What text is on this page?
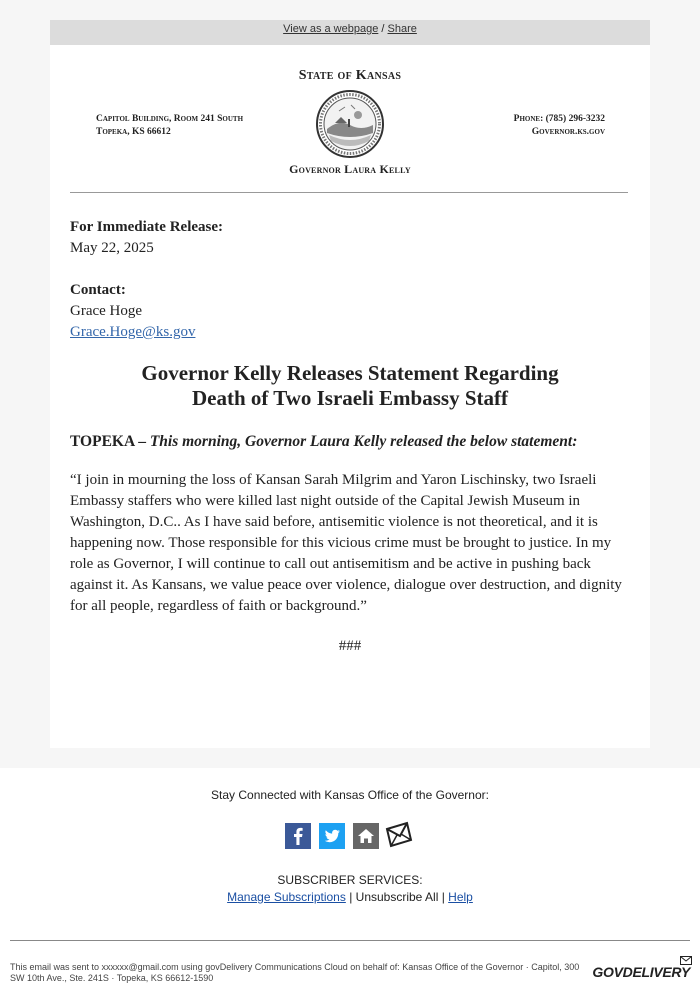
View as a webpage / Share
State of Kansas
Capitol Building, Room 241 South
Topeka, KS 66612
Phone: (785) 296-3232
Governor.ks.gov
Governor Laura Kelly
For Immediate Release:
May 22, 2025
Contact:
Grace Hoge
Grace.Hoge@ks.gov
Governor Kelly Releases Statement Regarding
Death of Two Israeli Embassy Staff
TOPEKA – This morning, Governor Laura Kelly released the below statement:
“I join in mourning the loss of Kansan Sarah Milgrim and Yaron Lischinsky, two Israeli Embassy staffers who were killed last night outside of the Capital Jewish Museum in Washington, D.C.. As I have said before, antisemitic violence is not theoretical, and it is happening now. Those responsible for this vicious crime must be brought to justice. In my role as Governor, I will continue to call out antisemitism and be active in pushing back against it. As Kansans, we value peace over violence, dialogue over destruction, and dignity for all people, regardless of faith or background.”
###
Stay Connected with Kansas Office of the Governor:
SUBSCRIBER SERVICES:
Manage Subscriptions | Unsubscribe All | Help
This email was sent to xxxxxx@gmail.com using govDelivery Communications Cloud on behalf of: Kansas Office of the Governor · Capitol, 300 SW 10th Ave., Ste. 241S · Topeka, KS 66612-1590	GOVDELIVERY
